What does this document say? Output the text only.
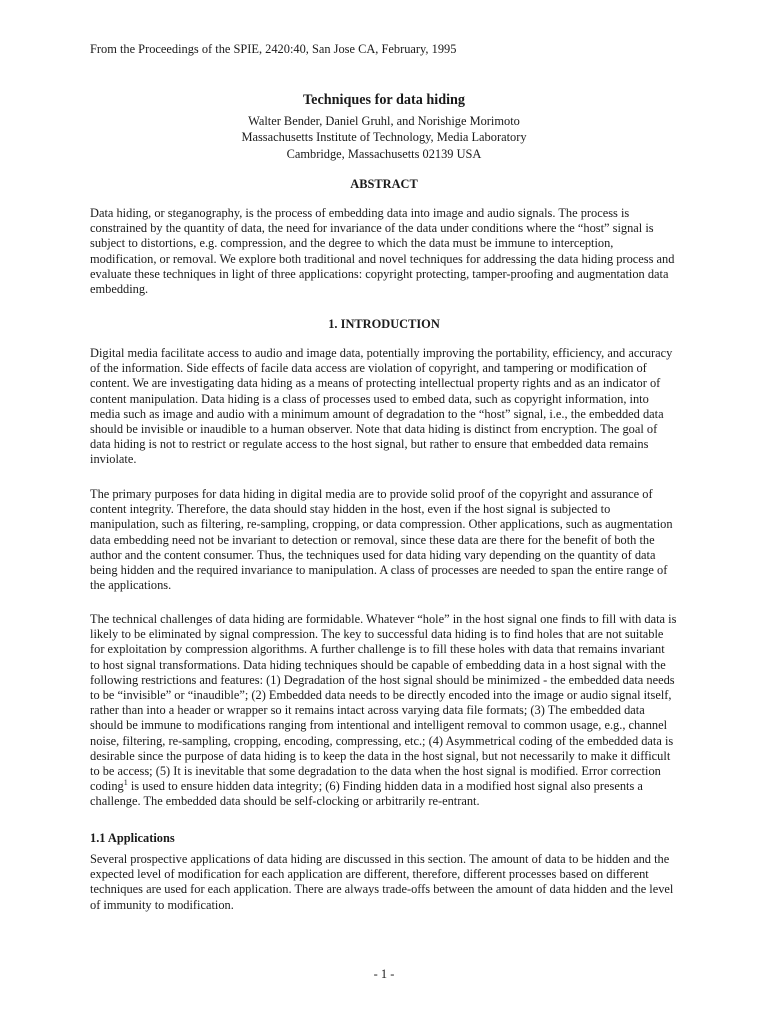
From the Proceedings of the SPIE, 2420:40, San Jose CA, February, 1995
Techniques for data hiding
Walter Bender, Daniel Gruhl, and Norishige Morimoto
Massachusetts Institute of Technology, Media Laboratory
Cambridge, Massachusetts 02139 USA
ABSTRACT
Data hiding, or steganography, is the process of embedding data into image and audio signals. The process is
constrained by the quantity of data, the need for invariance of the data under conditions where the “host” signal is
subject to distortions, e.g. compression, and the degree to which the data must be immune to interception,
modification, or removal. We explore both traditional and novel techniques for addressing the data hiding process and
evaluate these techniques in light of three applications: copyright protecting, tamper-proofing and augmentation data
embedding.
1. INTRODUCTION
Digital media facilitate access to audio and image data, potentially improving the portability, efficiency, and accuracy
of the information. Side effects of facile data access are violation of copyright, and tampering or modification of
content. We are investigating data hiding as a means of protecting intellectual property rights and as an indicator of
content manipulation. Data hiding is a class of processes used to embed data, such as copyright information, into
media such as image and audio with a minimum amount of degradation to the “host” signal, i.e., the embedded data
should be invisible or inaudible to a human observer. Note that data hiding is distinct from encryption. The goal of
data hiding is not to restrict or regulate access to the host signal, but rather to ensure that embedded data remains
inviolate.
The primary purposes for data hiding in digital media are to provide solid proof of the copyright and assurance of
content integrity. Therefore, the data should stay hidden in the host, even if the host signal is subjected to
manipulation, such as filtering, re-sampling, cropping, or data compression. Other applications, such as augmentation
data embedding need not be invariant to detection or removal, since these data are there for the benefit of both the
author and the content consumer. Thus, the techniques used for data hiding vary depending on the quantity of data
being hidden and the required invariance to manipulation. A class of processes are needed to span the entire range of
the applications.
The technical challenges of data hiding are formidable. Whatever “hole” in the host signal one finds to fill with data is
likely to be eliminated by signal compression. The key to successful data hiding is to find holes that are not suitable
for exploitation by compression algorithms. A further challenge is to fill these holes with data that remains invariant
to host signal transformations. Data hiding techniques should be capable of embedding data in a host signal with the
following restrictions and features: (1) Degradation of the host signal should be minimized - the embedded data needs
to be “invisible” or “inaudible”; (2) Embedded data needs to be directly encoded into the image or audio signal itself,
rather than into a header or wrapper so it remains intact across varying data file formats; (3) The embedded data
should be immune to modifications ranging from intentional and intelligent removal to common usage, e.g., channel
noise, filtering, re-sampling, cropping, encoding, compressing, etc.; (4) Asymmetrical coding of the embedded data is
desirable since the purpose of data hiding is to keep the data in the host signal, but not necessarily to make it difficult
to be access; (5) It is inevitable that some degradation to the data when the host signal is modified. Error correction
coding$^1$ is used to ensure hidden data integrity; (6) Finding hidden data in a modified host signal also presents a
challenge. The embedded data should be self-clocking or arbitrarily re-entrant.
1.1 Applications
Several prospective applications of data hiding are discussed in this section. The amount of data to be hidden and the
expected level of modification for each application are different, therefore, different processes based on different
techniques are used for each application. There are always trade-offs between the amount of data hidden and the level
of immunity to modification.
- 1 -
